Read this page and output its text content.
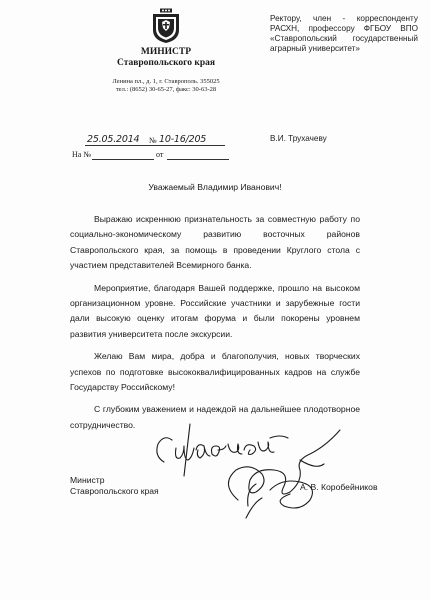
МИНИСТР
Ставропольского края
Ленина пл., д. 1, г. Ставрополь. 355025
тел.: (8652) 30-65-27, факс: 30-63-28
25.05.2014 № 10-16/205
На №	от
Ректору, член - корреспонденту РАСХН, профессору ФГБОУ ВПО «Ставропольский государственный аграрный университет»
В.И. Трухачеву
Уважаемый Владимир Иванович!

Выражаю искреннюю признательность за совместную работу по социально-экономическому развитию восточных районов Ставропольского края, за помощь в проведении Круглого стола с участием представителей Всемирного банка.

Мероприятие, благодаря Вашей поддержке, прошло на высоком организационном уровне. Российские участники и зарубежные гости дали высокую оценку итогам форума и были покорены уровнем развития университета после экскурсии.

Желаю Вам мира, добра и благополучия, новых творческих успехов по подготовке высококвалифицированных кадров на службе Государству Российскому!

С глубоким уважением и надеждой на дальнейшее плодотворное сотрудничество.

Министр
Ставропольского края	А. В. Коробейников
